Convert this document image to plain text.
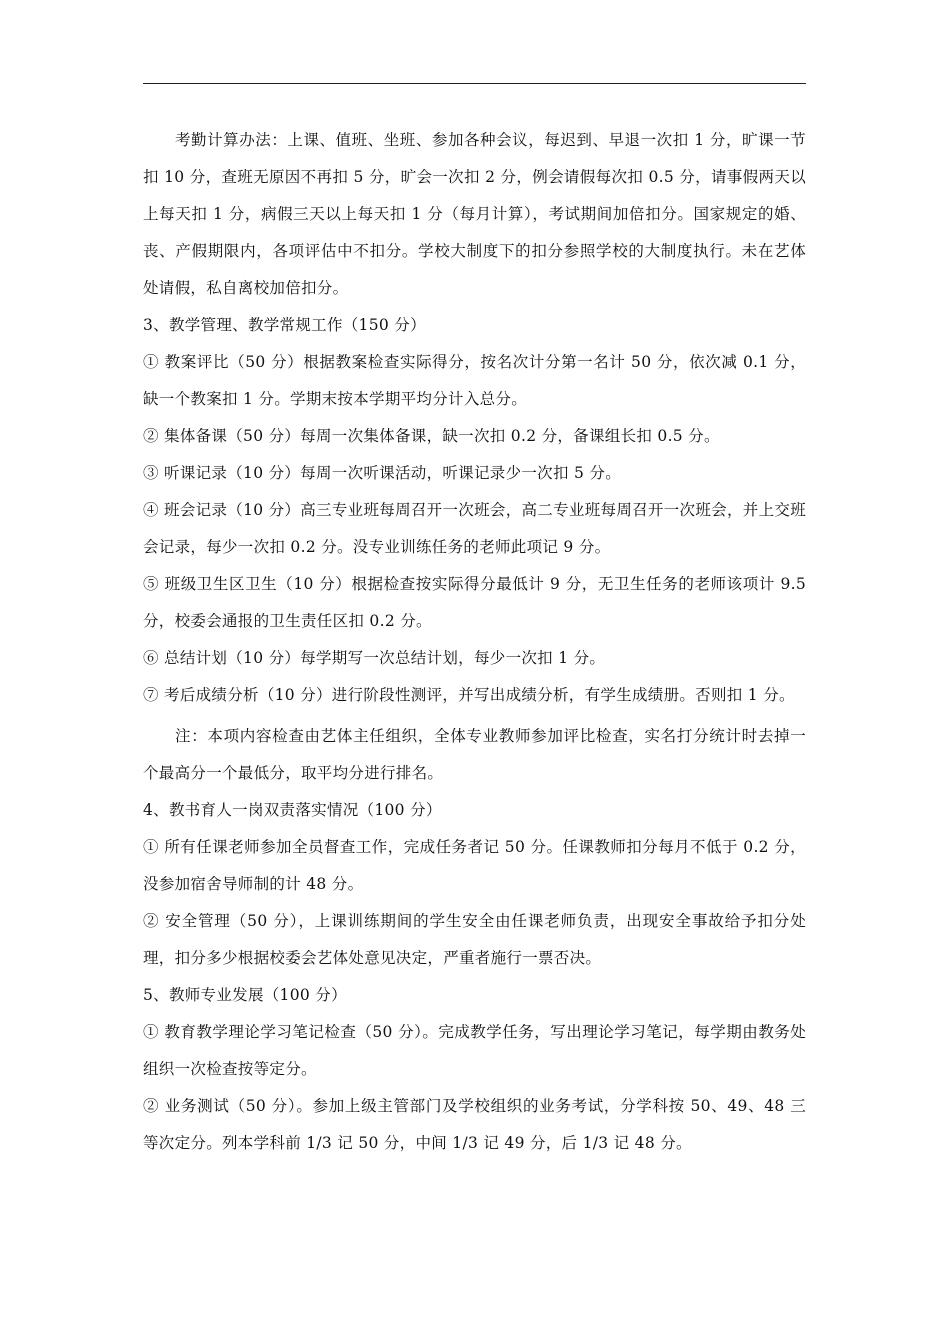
考勤计算办法：上课、值班、坐班、参加各种会议，每迟到、早退一次扣 1 分，旷课一节扣 10 分，查班无原因不再扣 5 分，旷会一次扣 2 分，例会请假每次扣 0.5 分，请事假两天以上每天扣 1 分，病假三天以上每天扣 1 分（每月计算），考试期间加倍扣分。国家规定的婚、丧、产假期限内，各项评估中不扣分。学校大制度下的扣分参照学校的大制度执行。未在艺体处请假，私自离校加倍扣分。

3、教学管理、教学常规工作（150 分）

① 教案评比（50 分）根据教案检查实际得分，按名次计分第一名计 50 分，依次减 0.1 分，缺一个教案扣 1 分。学期末按本学期平均分计入总分。

② 集体备课（50 分）每周一次集体备课，缺一次扣 0.2 分，备课组长扣 0.5 分。

③ 听课记录（10 分）每周一次听课活动，听课记录少一次扣 5 分。

④ 班会记录（10 分）高三专业班每周召开一次班会，高二专业班每周召开一次班会，并上交班会记录，每少一次扣 0.2 分。没专业训练任务的老师此项记 9 分。

⑤ 班级卫生区卫生（10 分）根据检查按实际得分最低计 9 分，无卫生任务的老师该项计 9.5 分，校委会通报的卫生责任区扣 0.2 分。

⑥ 总结计划（10 分）每学期写一次总结计划，每少一次扣 1 分。

⑦ 考后成绩分析（10 分）进行阶段性测评，并写出成绩分析，有学生成绩册。否则扣 1 分。

注：本项内容检查由艺体主任组织，全体专业教师参加评比检查，实名打分统计时去掉一个最高分一个最低分，取平均分进行排名。

4、教书育人一岗双责落实情况（100 分）

① 所有任课老师参加全员督查工作，完成任务者记 50 分。任课教师扣分每月不低于 0.2 分，没参加宿舍导师制的计 48 分。

② 安全管理（50 分），上课训练期间的学生安全由任课老师负责，出现安全事故给予扣分处理，扣分多少根据校委会艺体处意见决定，严重者施行一票否决。

5、教师专业发展（100 分）

① 教育教学理论学习笔记检查（50 分）。完成教学任务，写出理论学习笔记，每学期由教务处组织一次检查按等定分。

② 业务测试（50 分）。参加上级主管部门及学校组织的业务考试，分学科按 50、49、48 三等次定分。列本学科前 1/3 记 50 分，中间 1/3 记 49 分，后 1/3 记 48 分。
